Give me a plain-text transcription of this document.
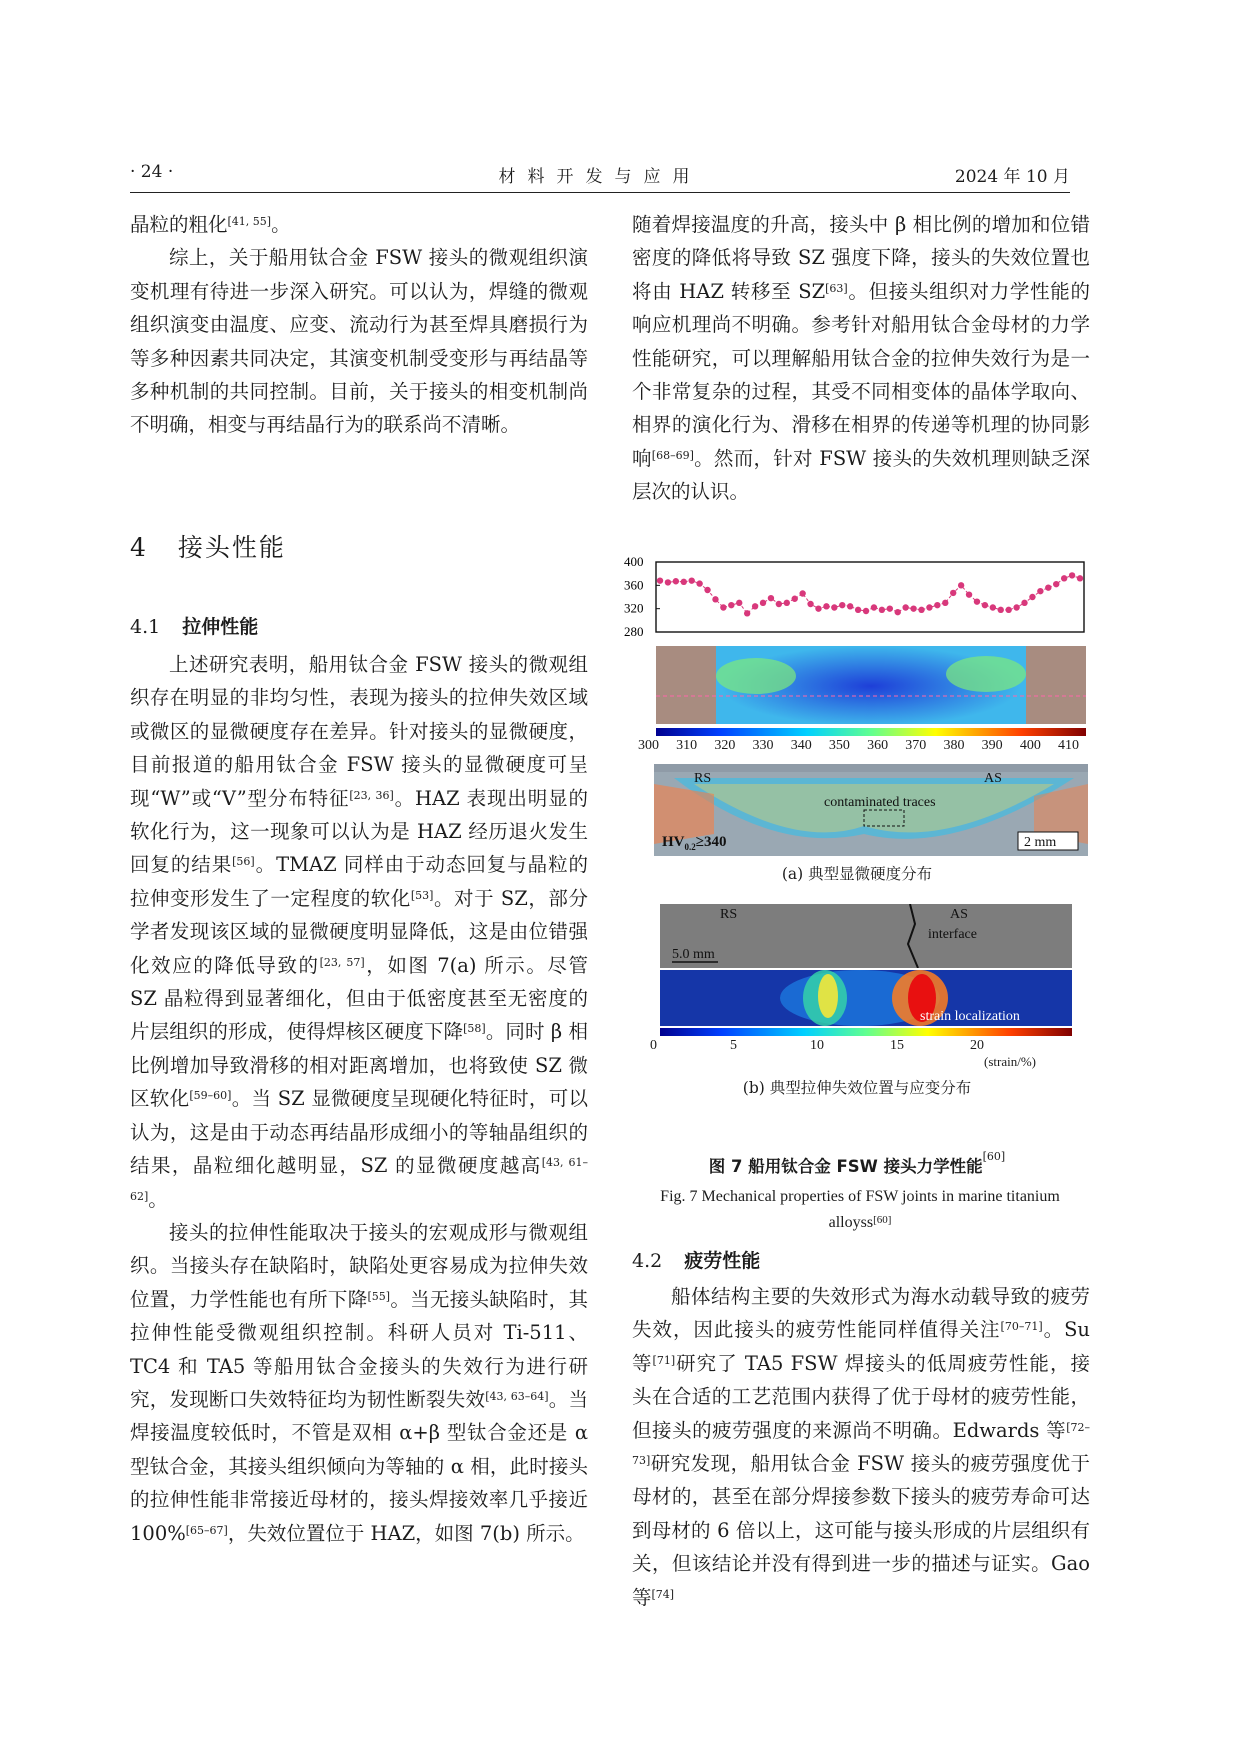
· 24 ·	材料开发与应用	2024 年 10 月

晶粒的粗化[41, 55]。

综上，关于船用钛合金 FSW 接头的微观组织演变机理有待进一步深入研究。可以认为，焊缝的微观组织演变由温度、应变、流动行为甚至焊具磨损行为等多种因素共同决定，其演变机制受变形与再结晶等多种机制的共同控制。目前，关于接头的相变机制尚不明确，相变与再结晶行为的联系尚不清晰。

4 接头性能
4.1 拉伸性能

上述研究表明，船用钛合金 FSW 接头的微观组织存在明显的非均匀性，表现为接头的拉伸失效区域或微区的显微硬度存在差异。针对接头的显微硬度，目前报道的船用钛合金 FSW 接头的显微硬度可呈现“W”或“V”型分布特征[23, 36]。HAZ 表现出明显的软化行为，这一现象可以认为是 HAZ 经历退火发生回复的结果[56]。TMAZ 同样由于动态回复与晶粒的拉伸变形发生了一定程度的软化[53]。对于 SZ，部分学者发现该区域的显微硬度明显降低，这是由位错强化效应的降低导致的[23, 57]，如图 7(a) 所示。尽管 SZ 晶粒得到显著细化，但由于低密度甚至无密度的片层组织的形成，使得焊核区硬度下降[58]。同时 β 相比例增加导致滑移的相对距离增加，也将致使 SZ 微区软化[59–60]。当 SZ 显微硬度呈现硬化特征时，可以认为，这是由于动态再结晶形成细小的等轴晶组织的结果，晶粒细化越明显，SZ 的显微硬度越高[43, 61–62]。

接头的拉伸性能取决于接头的宏观成形与微观组织。当接头存在缺陷时，缺陷处更容易成为拉伸失效位置，力学性能也有所下降[55]。当无接头缺陷时，其拉伸性能受微观组织控制。科研人员对 Ti-511、TC4 和 TA5 等船用钛合金接头的失效行为进行研究，发现断口失效特征均为韧性断裂失效[43, 63–64]。当焊接温度较低时，不管是双相 α+β 型钛合金还是 α 型钛合金，其接头组织倾向为等轴的 α 相，此时接头的拉伸性能非常接近母材的，接头焊接效率几乎接近 100%[65–67]，失效位置位于 HAZ，如图 7(b) 所示。

随着焊接温度的升高，接头中 β 相比例的增加和位错密度的降低将导致 SZ 强度下降，接头的失效位置也将由 HAZ 转移至 SZ[63]。但接头组织对力学性能的响应机理尚不明确。参考针对船用钛合金母材的力学性能研究，可以理解船用钛合金的拉伸失效行为是一个非常复杂的过程，其受不同相变体的晶体学取向、相界的演化行为、滑移在相界的传递等机理的协同影响[68–69]。然而，针对 FSW 接头的失效机理则缺乏深层次的认识。

400
360
320
280
300 310 320 330 340 350 360 370 380 390 400 410
RS	AS
contaminated traces
$HV_{0.2}\ge 340$	2 mm
(a) 典型显微硬度分布
RS	AS
interface
5.0 mm
strain localization
0	5	10	15	20
(strain/%)
(b) 典型拉伸失效位置与应变分布
图 7 船用钛合金 FSW 接头力学性能[60]
Fig. 7 Mechanical properties of FSW joints in marine titanium alloyss[60]
4.2 疲劳性能

船体结构主要的失效形式为海水动载导致的疲劳失效，因此接头的疲劳性能同样值得关注[70–71]。Su 等[71]研究了 TA5 FSW 焊接头的低周疲劳性能，接头在合适的工艺范围内获得了优于母材的疲劳性能，但接头的疲劳强度的来源尚不明确。Edwards 等[72– 73]研究发现，船用钛合金 FSW 接头的疲劳强度优于母材的，甚至在部分焊接参数下接头的疲劳寿命可达到母材的 6 倍以上，这可能与接头形成的片层组织有关，但该结论并没有得到进一步的描述与证实。Gao 等[74]
